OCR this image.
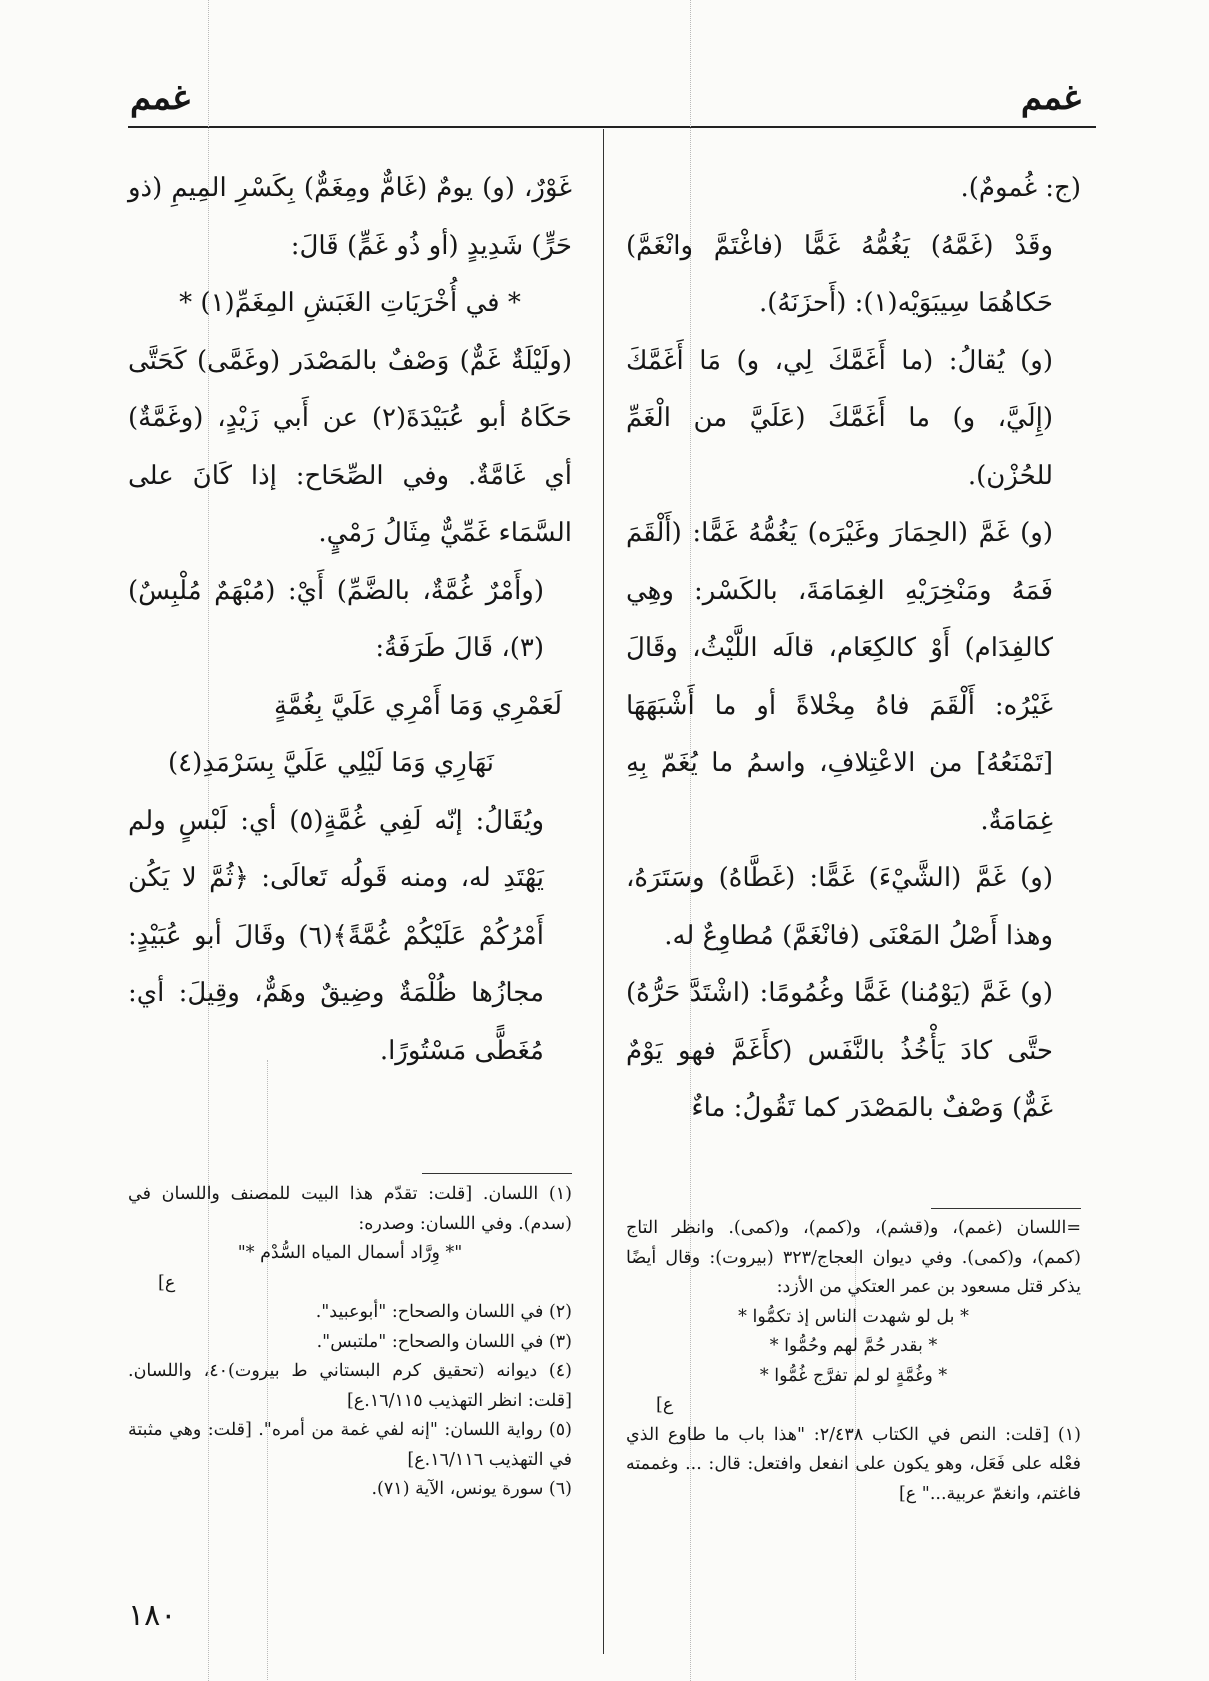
غمم
غمم

(ج: غُمومٌ).

وقَدْ (غَمَّهُ) يَغُمُّهُ غَمًّا (فاغْتَمَّ وانْغَمَّ) حَكاهُمَا سِيبَوَيْه(١): (أَحزَنَهُ).

(و) يُقالُ: (ما أَغَمَّكَ لِي، و) مَا أَغَمَّكَ (إِلَيَّ، و) ما أَغَمَّكَ (عَلَيَّ من الْغَمِّ للحُزْن).

(و) غَمَّ (الحِمَارَ وغَيْرَه) يَغُمُّهُ غَمًّا: (أَلْقَمَ فَمَهُ ومَنْخِرَيْهِ الغِمَامَةَ، بالكَسْر: وهِي كالفِدَام) أَوْ كالكِعَام، قالَه اللَّيْثُ، وقَالَ غَيْرُه: أَلْقَمَ فاهُ مِخْلاةً أو ما أَشْبَهَهَا [تَمْنَعُهُ] من الاعْتِلافِ، واسمُ ما يُغَمّ بِهِ غِمَامَةٌ.

(و) غَمَّ (الشَّيْءَ) غَمًّا: (غَطَّاهُ) وسَتَرَهُ، وهذا أَصْلُ المَعْنَى (فانْغَمَّ) مُطاوِعٌ له.

(و) غَمَّ (يَوْمُنا) غَمًّا وغُمُومًا: (اشْتَدَّ حَرُّهُ) حتَّى كادَ يَأْخُذُ بالنَّفَس (كأَغَمَّ فهو يَوْمٌ غَمٌّ) وَصْفٌ بالمَصْدَر كما تَقُولُ: ماءٌ

=اللسان (غمم)، و(قشم)، و(كمم)، و(كمى). وانظر التاج (كمم)، و(كمى). وفي ديوان العجاج/٣٢٣ (بيروت): وقال أيضًا يذكر قتل مسعود بن عمر العتكي من الأزد:

* بل لو شهدت الناس إذ تكمُّوا *

* بقدر حُمَّ لهم وحُمُّوا *

* وغُمَّةٍ لو لم تفرَّج غُمُّوا *

ع]

(١) [قلت: النص في الكتاب ٢/٤٣٨: "هذا باب ما طاوع الذي فعْله على فَعَل، وهو يكون على انفعل وافتعل: قال: ... وغممته فاغتم، وانغمّ عربية..." ع]

غَوْرٌ، (و) يومٌ (غَامٌّ ومِغَمٌّ) بِكَسْرِ المِيمِ (ذو حَرٍّ) شَدِيدٍ (أو ذُو غَمٍّ) قَالَ:

* في أُخْرَيَاتِ الغَبَشِ المِغَمِّ(١) *

(ولَيْلَةٌ غَمٌّ) وَصْفٌ بالمَصْدَر (وغَمَّى) كَحَتَّى حَكَاهُ أبو عُبَيْدَةَ(٢) عن أَبي زَيْدٍ، (وغَمَّةٌ) أي غَامَّةٌ. وفي الصِّحَاح: إذا كَانَ على السَّمَاء غَمِّيٌّ مِثَالُ رَمْيٍ.

(وأَمْرٌ غُمَّةٌ، بالضَّمِّ) أَيْ: (مُبْهَمٌ مُلْبِسٌ)(٣)، قَالَ طَرَفَةُ:

لَعَمْرِي وَمَا أَمْرِي عَلَيَّ بِغُمَّةٍ

نَهَارِي وَمَا لَيْلِي عَلَيَّ بِسَرْمَدِ(٤)

ويُقَالُ: إنّه لَفِي غُمَّةٍ(٥) أي: لَبْسٍ ولم يَهْتَدِ له، ومنه قَولُه تَعالَى: ﴿ثُمَّ لا يَكُن أَمْرُكُمْ عَلَيْكُمْ غُمَّةً﴾(٦) وقَالَ أبو عُبَيْدٍ: مجازُها ظُلْمَةٌ وضِيقٌ وهَمٌّ، وقِيلَ: أي: مُغَطًّى مَسْتُورًا.

(١) اللسان. [قلت: تقدّم هذا البيت للمصنف واللسان في (سدم). وفي اللسان: وصدره:

"* وِرَّاد أسمال المياه السُّدْم *"

ع]

(٢) في اللسان والصحاح: "أبوعبيد".

(٣) في اللسان والصحاح: "ملتبس".

(٤) ديوانه (تحقيق كرم البستاني ط بيروت)٤٠، واللسان. [قلت: انظر التهذيب ١٦/١١٥.ع]

(٥) رواية اللسان: "إنه لفي غمة من أمره". [قلت: وهي مثبتة في التهذيب ١٦/١١٦.ع]

(٦) سورة يونس، الآية (٧١).

١٨٠
